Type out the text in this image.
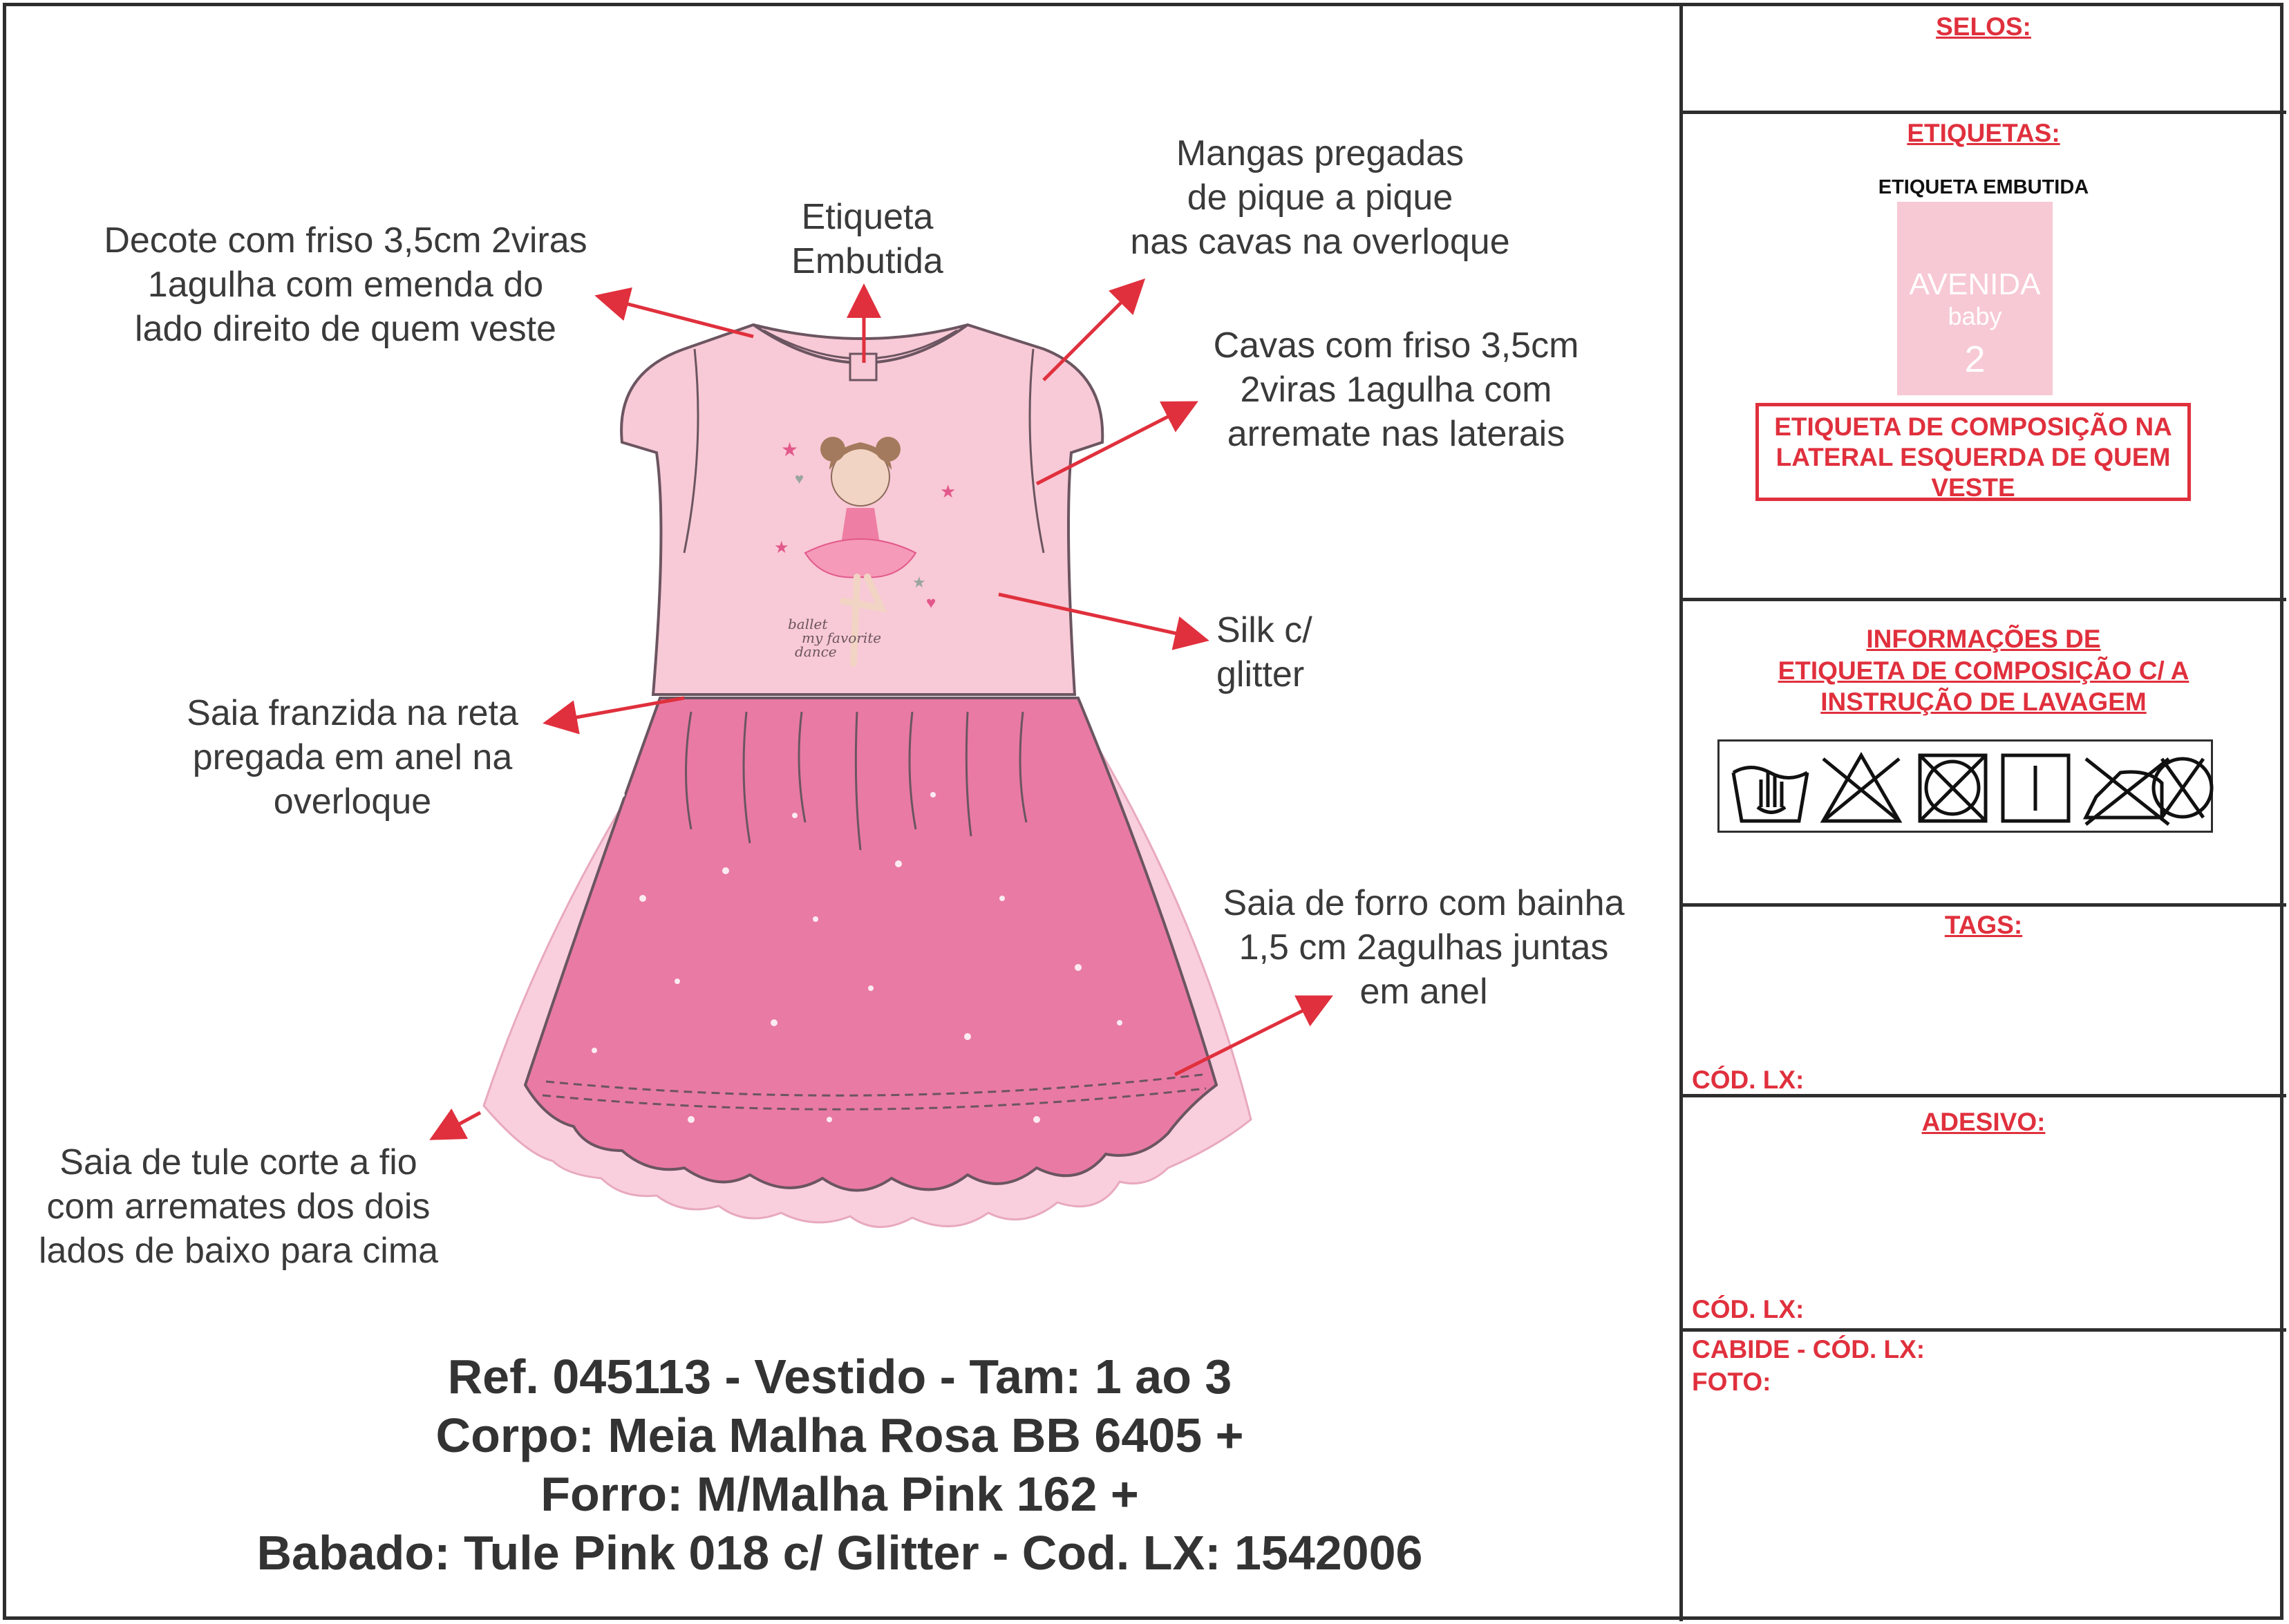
ballet
my favorite
dance
★
★
★
♥
♥
★
Decote com friso 3,5cm 2viras
1agulha com emenda do
lado direito de quem veste
Etiqueta
Embutida
Mangas pregadas
de pique a pique
nas cavas na overloque
Cavas com friso 3,5cm
2viras 1agulha com
arremate nas laterais
Silk c/
glitter
Saia franzida na reta
pregada em anel na
overloque
Saia de forro com bainha
1,5 cm 2agulhas juntas
em anel
Saia de tule corte a fio
com arremates dos dois
lados de baixo para cima
Ref. 045113 - Vestido - Tam: 1 ao 3
Corpo: Meia Malha Rosa BB 6405 +
Forro: M/Malha Pink 162 +
Babado: Tule Pink 018 c/ Glitter - Cod. LX: 1542006
SELOS:
ETIQUETAS:
ETIQUETA EMBUTIDA
AVENIDA
baby
2
ETIQUETA DE COMPOSIÇÃO NA
LATERAL ESQUERDA DE QUEM
VESTE
INFORMAÇÕES DE
ETIQUETA DE COMPOSIÇÃO C/ A
INSTRUÇÃO DE LAVAGEM
TAGS:
CÓD. LX:
ADESIVO:
CÓD. LX:
CABIDE - CÓD. LX:
FOTO:
